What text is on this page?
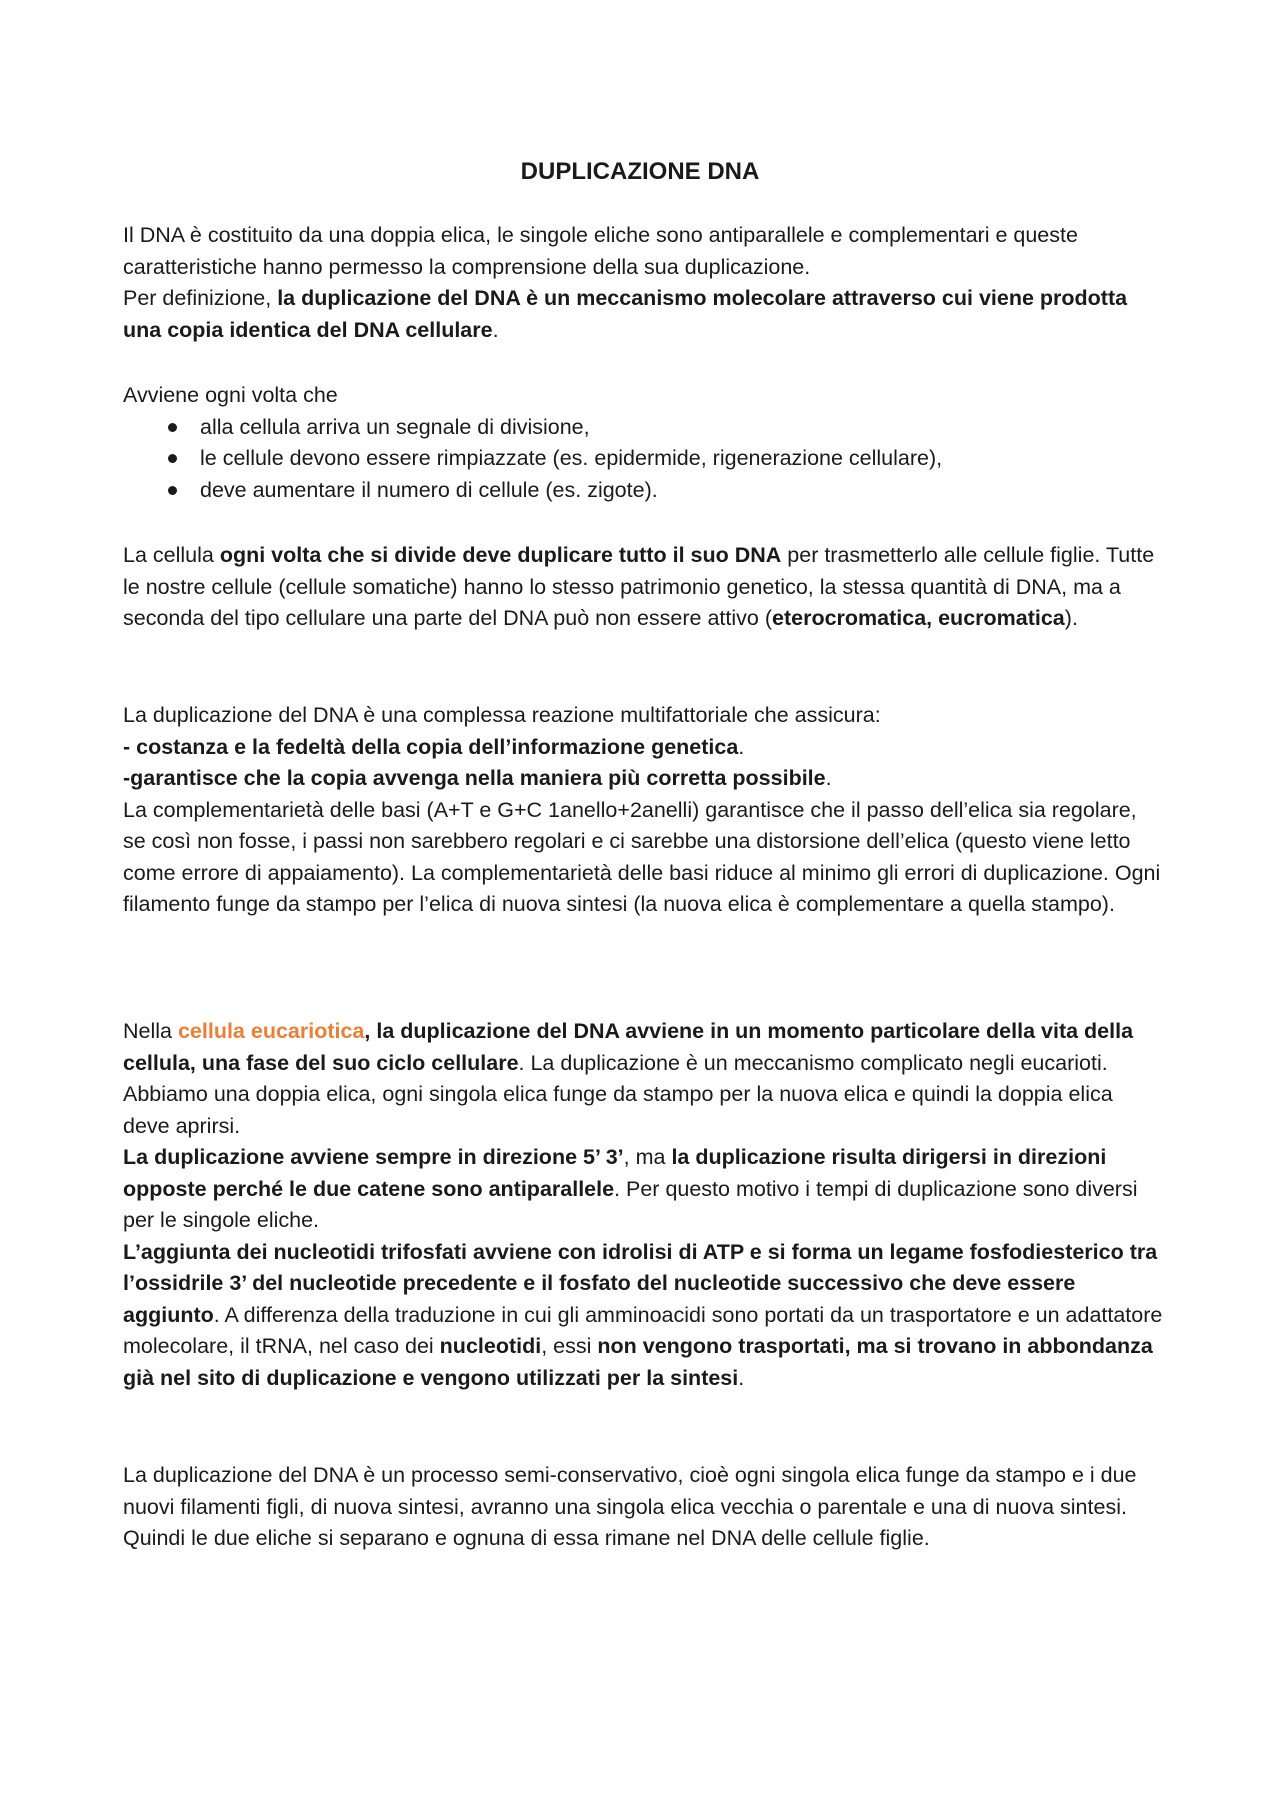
DUPLICAZIONE DNA

Il DNA è costituito da una doppia elica, le singole eliche sono antiparallele e complementari e queste caratteristiche hanno permesso la comprensione della sua duplicazione.
Per definizione, la duplicazione del DNA è un meccanismo molecolare attraverso cui viene prodotta una copia identica del DNA cellulare.

Avviene ogni volta che
alla cellula arriva un segnale di divisione,
le cellule devono essere rimpiazzate (es. epidermide, rigenerazione cellulare),
deve aumentare il numero di cellule (es. zigote).

La cellula ogni volta che si divide deve duplicare tutto il suo DNA per trasmetterlo alle cellule figlie. Tutte le nostre cellule (cellule somatiche) hanno lo stesso patrimonio genetico, la stessa quantità di DNA, ma a seconda del tipo cellulare una parte del DNA può non essere attivo (eterocromatica, eucromatica).

La duplicazione del DNA è una complessa reazione multifattoriale che assicura:
- costanza e la fedeltà della copia dell’informazione genetica.
-garantisce che la copia avvenga nella maniera più corretta possibile.
La complementarietà delle basi (A+T e G+C 1anello+2anelli) garantisce che il passo dell’elica sia regolare, se così non fosse, i passi non sarebbero regolari e ci sarebbe una distorsione dell’elica (questo viene letto come errore di appaiamento). La complementarietà delle basi riduce al minimo gli errori di duplicazione. Ogni filamento funge da stampo per l’elica di nuova sintesi (la nuova elica è complementare a quella stampo).

Nella cellula eucariotica, la duplicazione del DNA avviene in un momento particolare della vita della cellula, una fase del suo ciclo cellulare. La duplicazione è un meccanismo complicato negli eucarioti. Abbiamo una doppia elica, ogni singola elica funge da stampo per la nuova elica e quindi la doppia elica deve aprirsi.
La duplicazione avviene sempre in direzione 5’ 3’, ma la duplicazione risulta dirigersi in direzioni opposte perché le due catene sono antiparallele. Per questo motivo i tempi di duplicazione sono diversi per le singole eliche.
L’aggiunta dei nucleotidi trifosfati avviene con idrolisi di ATP e si forma un legame fosfodiesterico tra l’ossidrile 3’ del nucleotide precedente e il fosfato del nucleotide successivo che deve essere aggiunto. A differenza della traduzione in cui gli amminoacidi sono portati da un trasportatore e un adattatore molecolare, il tRNA, nel caso dei nucleotidi, essi non vengono trasportati, ma si trovano in abbondanza già nel sito di duplicazione e vengono utilizzati per la sintesi.

La duplicazione del DNA è un processo semi-conservativo, cioè ogni singola elica funge da stampo e i due nuovi filamenti figli, di nuova sintesi, avranno una singola elica vecchia o parentale e una di nuova sintesi. Quindi le due eliche si separano e ognuna di essa rimane nel DNA delle cellule figlie.
